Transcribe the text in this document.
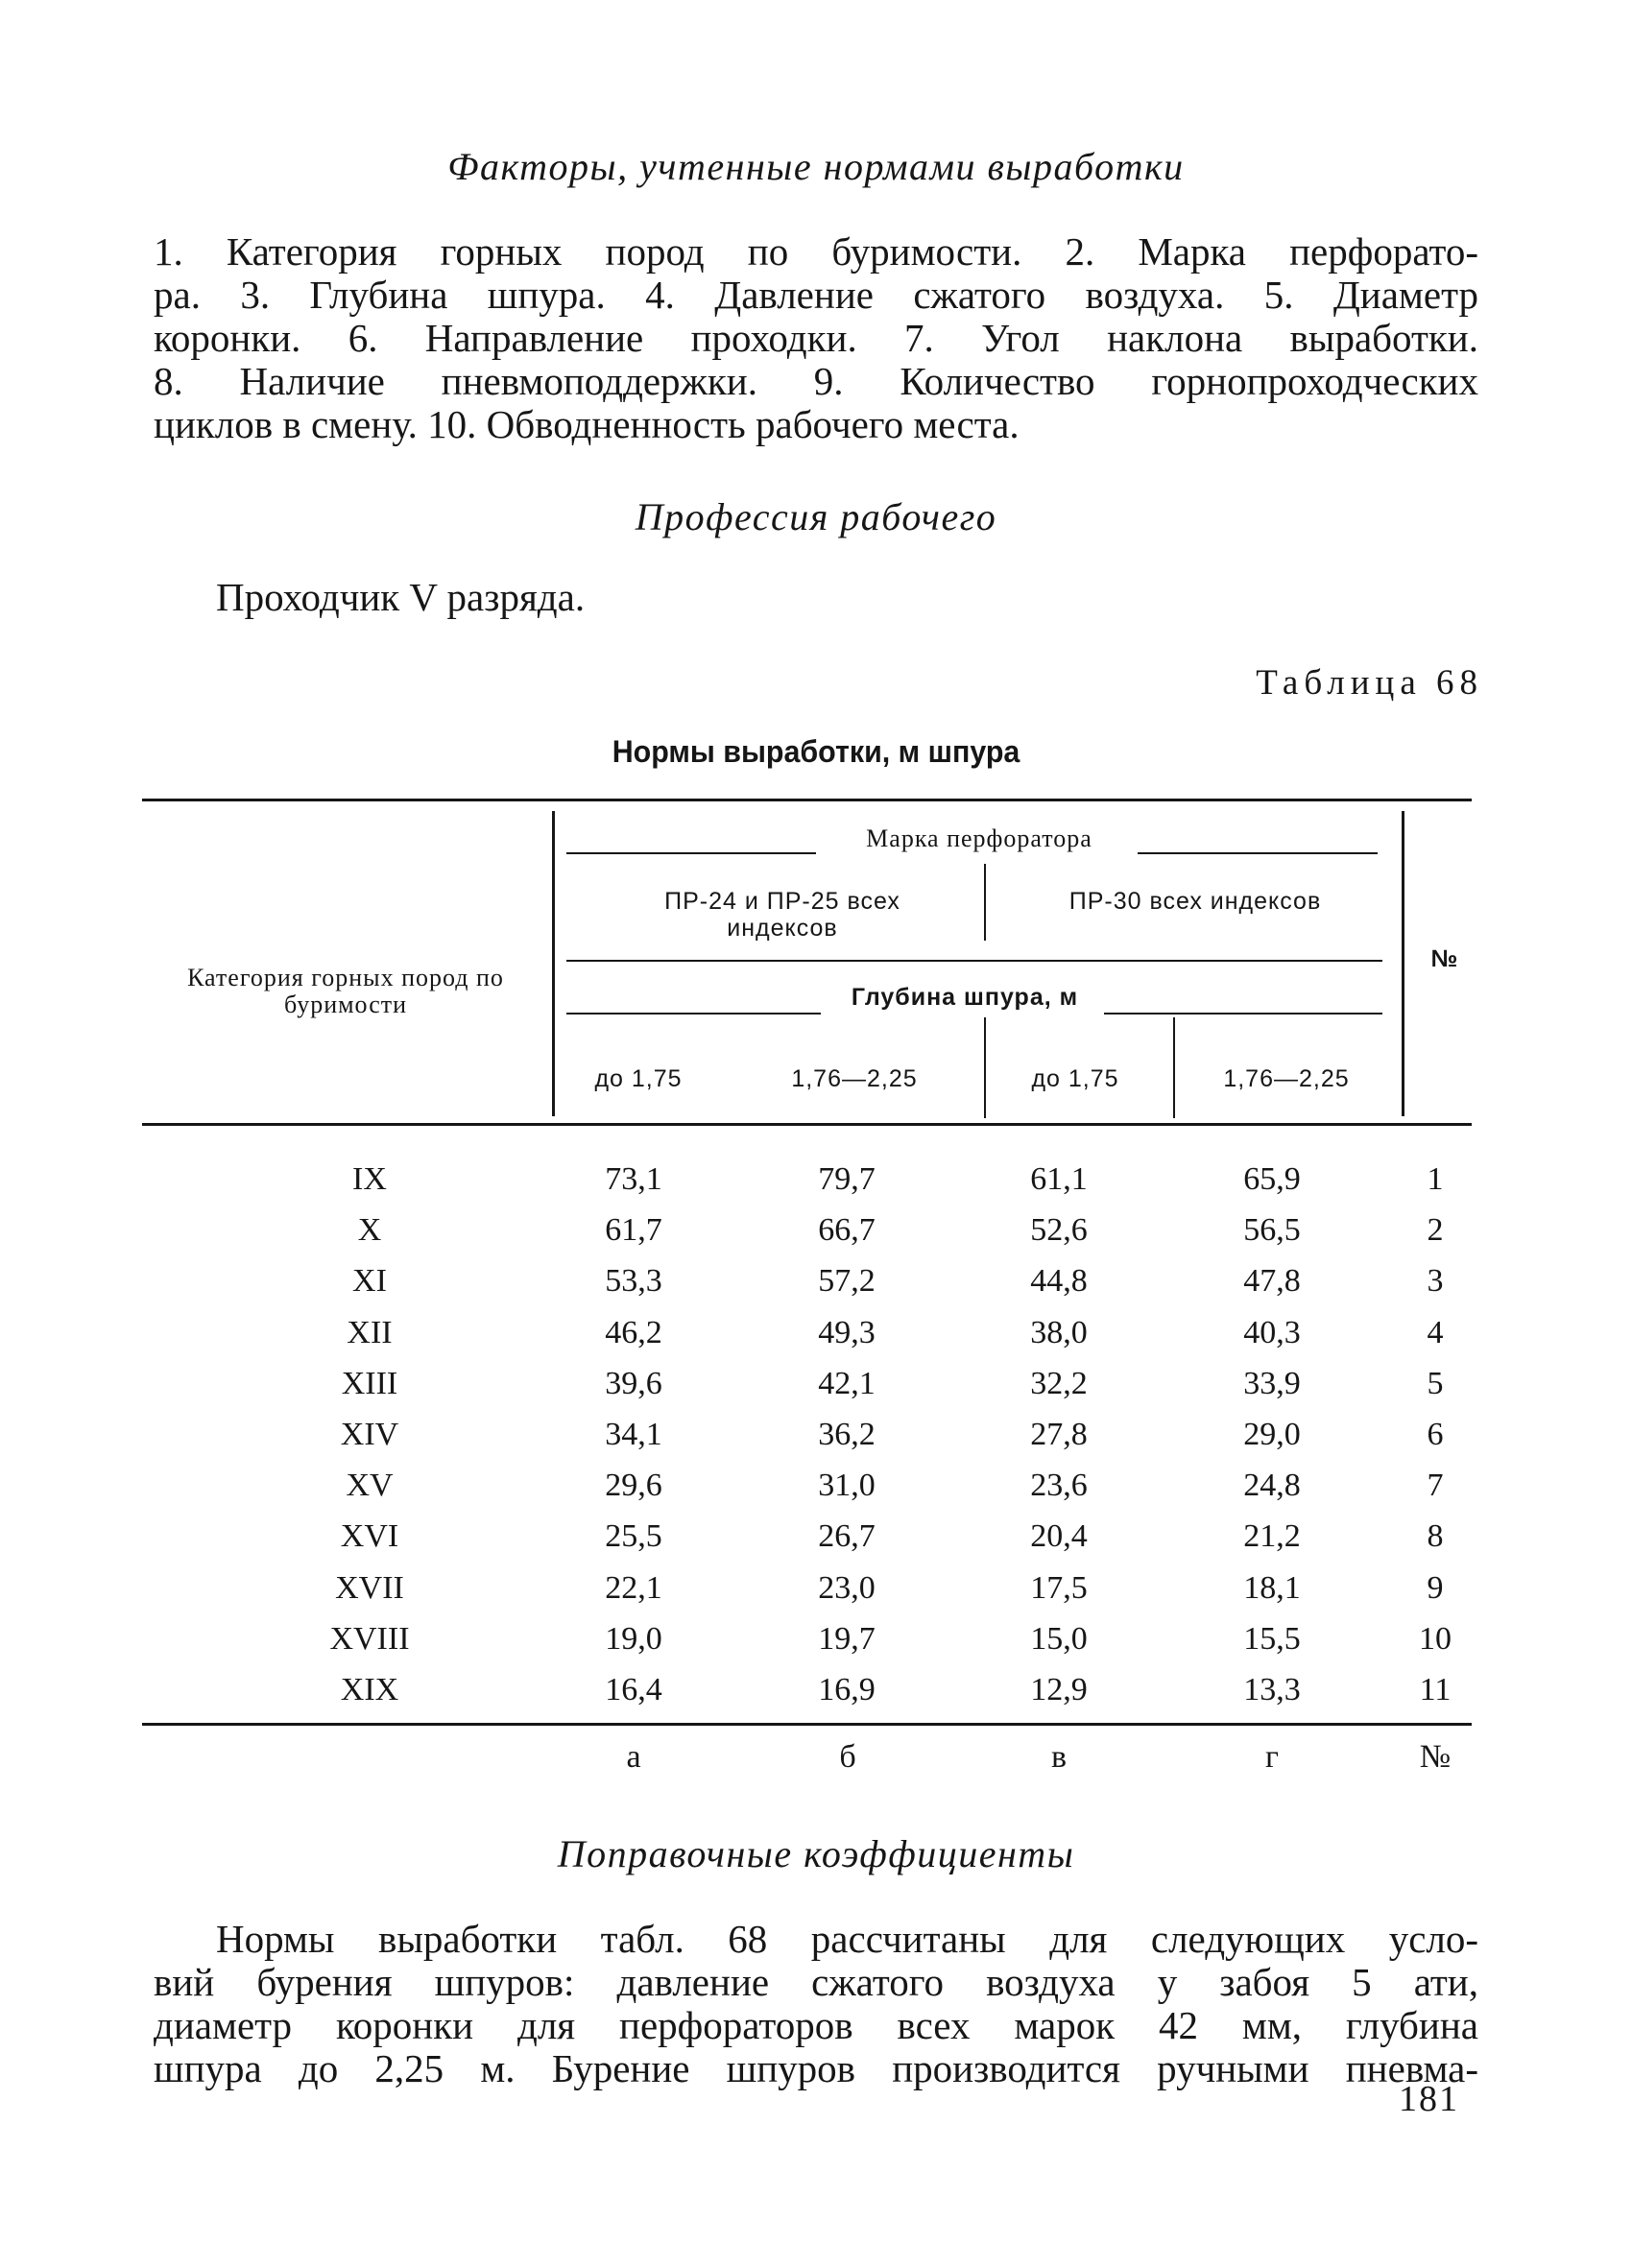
Факторы, учтенные нормами выработки
1. Категория горных пород по буримости. 2. Марка перфорато-
ра. 3. Глубина шпура. 4. Давление сжатого воздуха. 5. Диаметр
коронки. 6. Направление проходки. 7. Угол наклона выработки.
8. Наличие пневмоподдержки. 9. Количество горнопроходческих
циклов в смену. 10. Обводненность рабочего места.
Профессия рабочего
Проходчик V разряда.
Таблица 68
Нормы выработки, м шпура
Категория горных пород по буримости
Марка перфоратора
ПР-24 и ПР-25 всех индексов
ПР-30 всех индексов
№
Глубина шпура, м
до 1,75	1,76—2,25	до 1,75	1,76—2,25
IX	73,1	79,7	61,1	65,9	1
X	61,7	66,7	52,6	56,5	2
XI	53,3	57,2	44,8	47,8	3
XII	46,2	49,3	38,0	40,3	4
XIII	39,6	42,1	32,2	33,9	5
XIV	34,1	36,2	27,8	29,0	6
XV	29,6	31,0	23,6	24,8	7
XVI	25,5	26,7	20,4	21,2	8
XVII	22,1	23,0	17,5	18,1	9
XVIII	19,0	19,7	15,0	15,5	10
XIX	16,4	16,9	12,9	13,3	11
а	б	в	г	№
Поправочные коэффициенты
Нормы выработки табл. 68 рассчитаны для следующих усло-
вий бурения шпуров: давление сжатого воздуха у забоя 5 ати,
диаметр коронки для перфораторов всех марок 42 мм, глубина
шпура до 2,25 м. Бурение шпуров производится ручными пневма-
181
